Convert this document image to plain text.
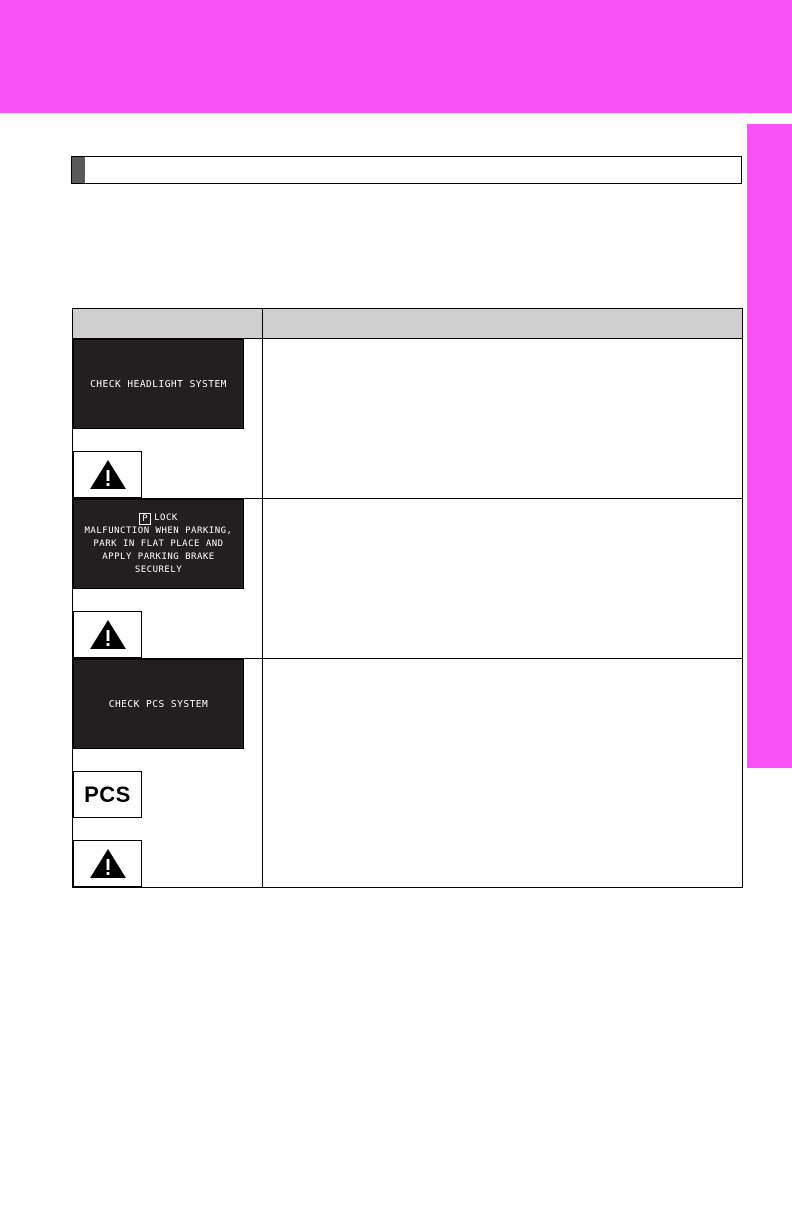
CHECK HEADLIGHT SYSTEM	

P LOCK
MALFUNCTION WHEN PARKING,
PARK IN FLAT PLACE AND
APPLY PARKING BRAKE SECURELY	

CHECK PCS SYSTEM
PCS	
